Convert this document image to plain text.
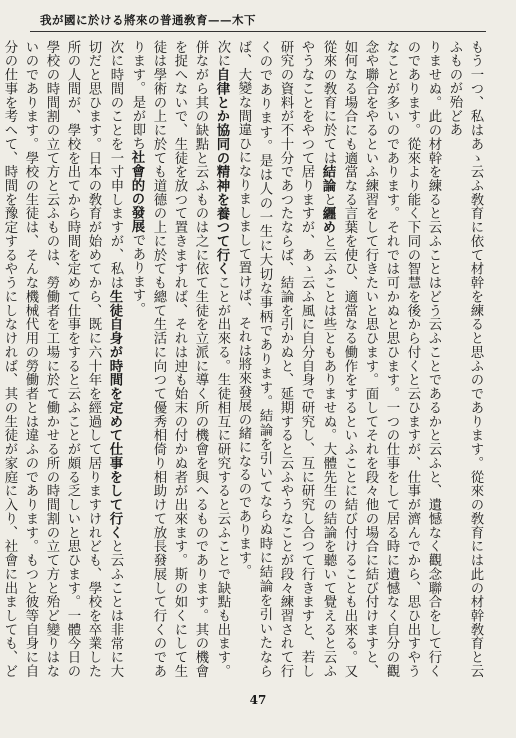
我が國に於ける將來の普通敎育——木下

もう一つ、私はあゝ云ふ敎育に依て材幹を練ると思ふのであります。從來の敎育には此の材幹敎育と云ふものが殆どあ

りませぬ。此の材幹を練ると云ふことはどう云ふことであるかと云ふと、遺憾なく觀念聯合をして行くのであります。從來より能く下同の智慧を後から付くと云ひますが、仕事が濟んでから、思ひ出すやうなことが多いのであります。それでは可かぬと思ひます。一つの仕事をして居る時に遺憾なく自分の觀念や聯合をやるといふ練習をして行きたいと思ひます。面してそれを段々他の場合に結び付けますと、如何なる場合にも適當なる言葉を使ひ、適當なる働作をするといふことに結び付けることも出來る。又從來の敎育に於ては結論と纒めと云ふことは些ともありませぬ。大體先生の結論を聽いて覺えると云ふやうなことをやつて居りますが、あゝ云ふ風に自分自身で研究し、互に研究し合つて行きますと、若し研究の資料が不十分であつたならば、結論を引かぬと、延期すると云ふやうなことが段々練習されて行くのであります。是は人の一生に大切な事柄であります。結論を引いてならぬ時に結論を引いたならば、大變な間違ひになりましまして置けば、それは將來發展の緒になるのであります。

次に自律とか協同の精神を養つて行くことが出來る。生徒相互に研究すると云ふことで缺點も出ます。併ながら其の缺點と云ふものは之に依て生徒を立派に導く所の機會を與へるものであります。其の機會を捉へないで、生徒を放つて置きますれば、それは迚も始末の付かぬ者が出來ます。斯の如くにして生徒は學術の上に於ても道德の上に於ても總て生活に向つて優秀相倚り相助けて放長發展して行くのであります。是が即ち社會的の發展であります。

次に時間のことを一寸申しますが、私は生徒自身が時間を定めて仕事をして行くと云ふことは非常に大切だと思ひます。日本の敎育が始めてから、既に六十年を經過して居りますけれども、學校を卒業した所の人間が、學校を出てから時間を定めて仕事をすると云ふことが頗る乏しいと思ひます。一體今日の學校の時間割の立て方と云ふものは、勞働者を工場に於て働かせる所の時間割の立て方と殆ど變りはないのであります。學校の生徒は、そんな機械代用の勞働者とは違ふのであります。もつと彼等自身に自分の仕事を考へて、時間を豫定するやうにしなければ、其の生徒が家庭に入り、社會に出ましても、ど

47
